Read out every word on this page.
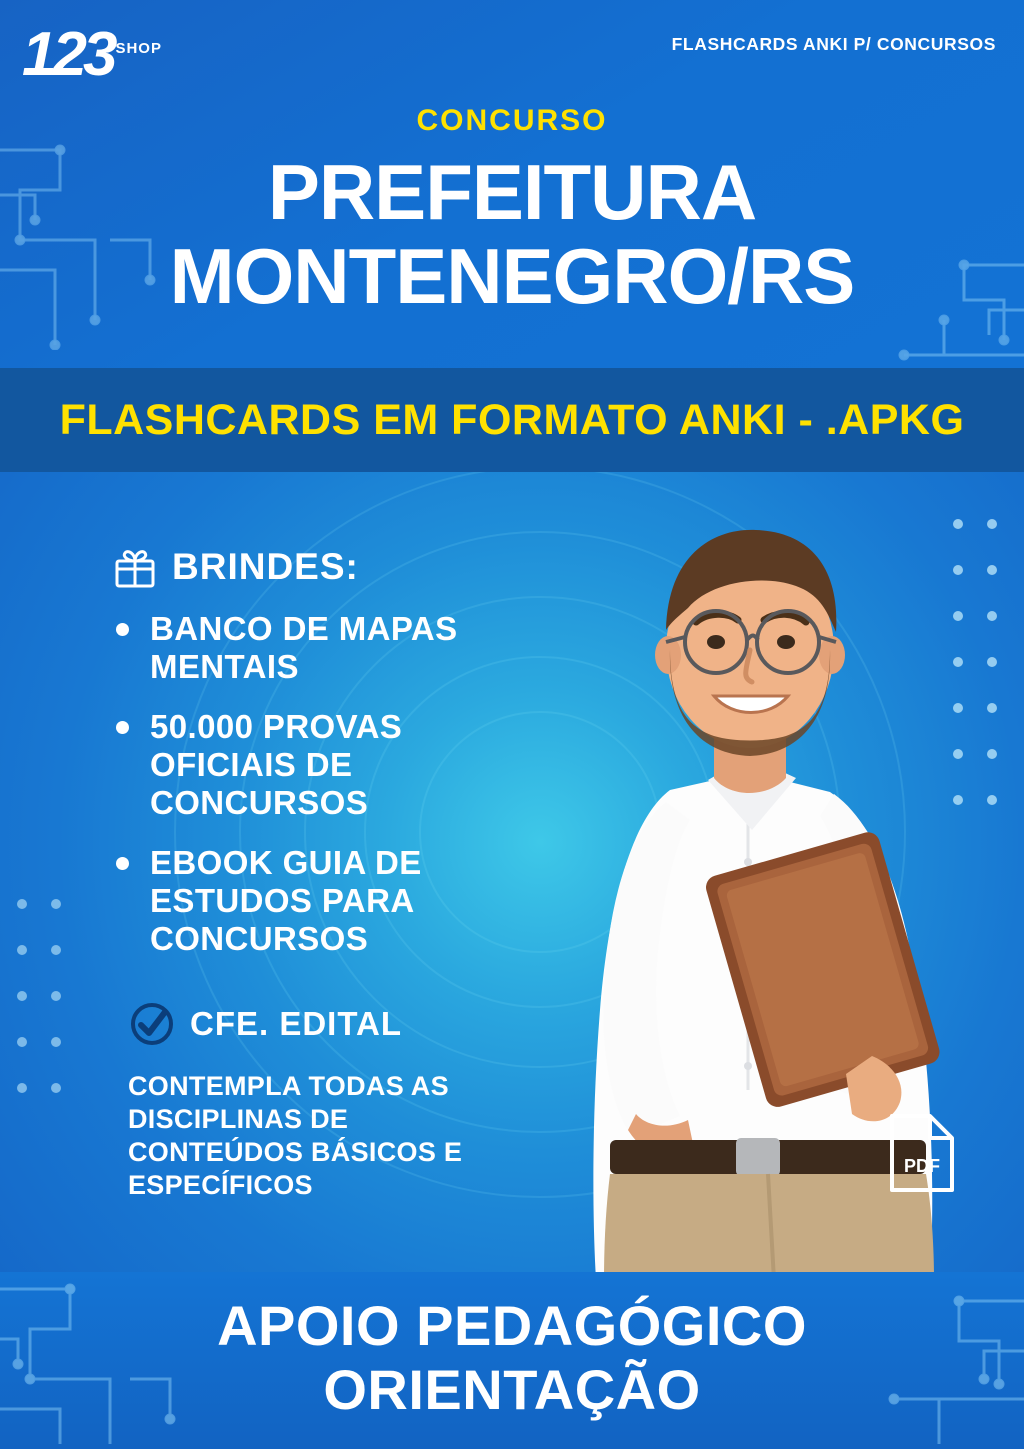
123 SHOP	FLASHCARDS ANKI P/ CONCURSOS
CONCURSO
PREFEITURA
MONTENEGRO/RS
FLASHCARDS EM FORMATO ANKI - .APKG
BRINDES:
BANCO DE MAPAS MENTAIS
50.000 PROVAS OFICIAIS DE CONCURSOS
EBOOK GUIA DE ESTUDOS PARA CONCURSOS
CFE. EDITAL
CONTEMPLA TODAS AS DISCIPLINAS DE CONTEÚDOS BÁSICOS E ESPECÍFICOS
PDF
APOIO PEDAGÓGICO
ORIENTAÇÃO
